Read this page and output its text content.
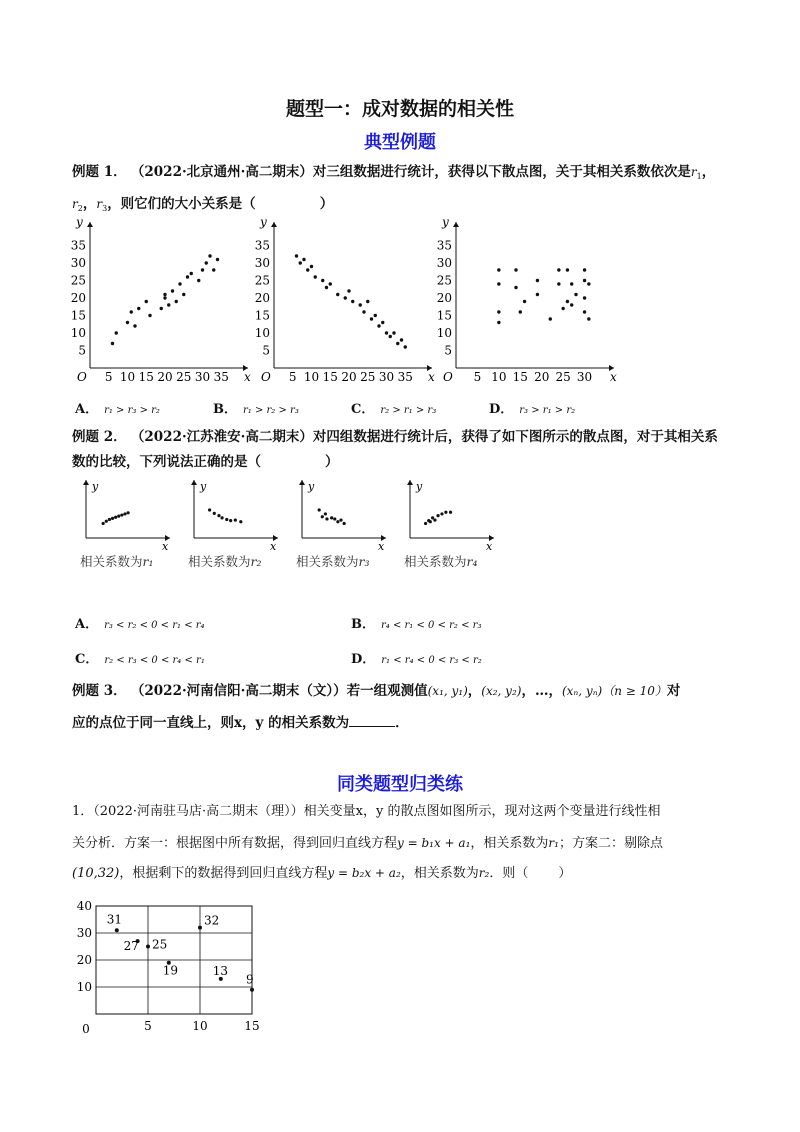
题型一：成对数据的相关性
典型例题
例题 1． （2022·北京通州·高二期末）对三组数据进行统计，获得以下散点图，关于其相关系数依次是$r_1$，
$r_2$，$r_3$，则它们的大小关系是（	）
x
y
O 5 10 15 20 25 30 35
5
10
15
20
25
30
35
x
y
O 5 10 15 20 25 30 35
5
10
15
20
25
30
35
x
y
O 5 10 15 20 25 30
5
10
15
20
25
30
35
A． r₁ > r₃ > r₂	B． r₁ > r₂ > r₃	C． r₂ > r₁ > r₃	D． r₃ > r₁ > r₂
例题 2． （2022·江苏淮安·高二期末）对四组数据进行统计后，获得了如下图所示的散点图，对于其相关系
数的比较，下列说法正确的是（	）
x
y
x
y
x
y
x
y
相关系数为r₁	相关系数为r₂	相关系数为r₃	相关系数为r₄
A． r₃ < r₂ < 0 < r₁ < r₄	B． r₄ < r₁ < 0 < r₂ < r₃
C． r₂ < r₃ < 0 < r₄ < r₁	D． r₁ < r₄ < 0 < r₃ < r₂
例题 3． （2022·河南信阳·高二期末（文））若一组观测值(x₁, y₁)，(x₂, y₂)，…，(xₙ, yₙ)（n ≥ 10）对
应的点位于同一直线上，则x，y 的相关系数为	．
同类题型归类练
1．（2022·河南驻马店·高二期末（理））相关变量x，y 的散点图如图所示，现对这两个变量进行线性相
关分析．方案一：根据图中所有数据，得到回归直线方程y = b₁x + a₁，相关系数为r₁；方案二：剔除点
(10,32)，根据剩下的数据得到回归直线方程y = b₂x + a₂，相关系数为r₂．则（ ）
10
20
30
40
0	5	10	15
31
27 25
32
19	13
9
